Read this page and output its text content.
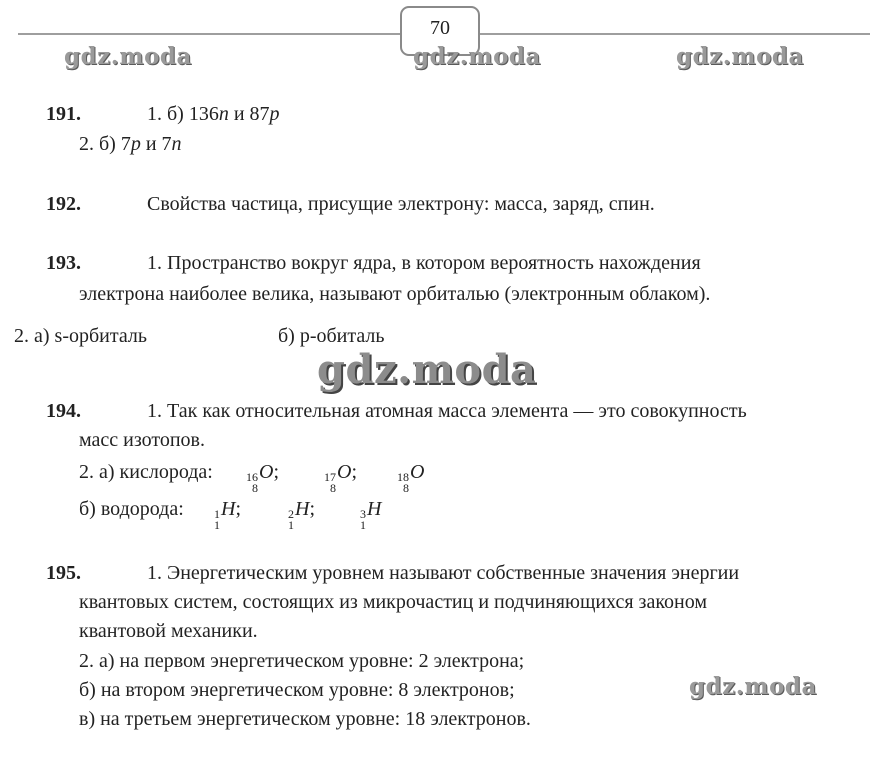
70
gdz.moda	gdz.moda	gdz.moda
gdz.moda
gdz.moda
191.	1. б) 136n и 87p
2. б) 7p и 7n
192.	Свойства частица, присущие электрону: масса, заряд, спин.
193.	1. Пространство вокруг ядра, в котором вероятность нахождения
электрона наиболее велика, называют орбиталью (электронным облаком).
2. а) s-орбиталь	б) p-обиталь
194.	1. Так как относительная атомная масса элемента — это совокупность
масс изотопов.
2. а) кислорода:	16
8
O;	17
8
O;	18
8
O
б) водорода:	1
1
H;	2
1
H;	3
1
H
195.	1. Энергетическим уровнем называют собственные значения энергии
квантовых систем, состоящих из микрочастиц и подчиняющихся законом
квантовой механики.
2. а) на первом энергетическом уровне: 2 электрона;
б) на втором энергетическом уровне: 8 электронов;
в) на третьем энергетическом уровне: 18 электронов.
